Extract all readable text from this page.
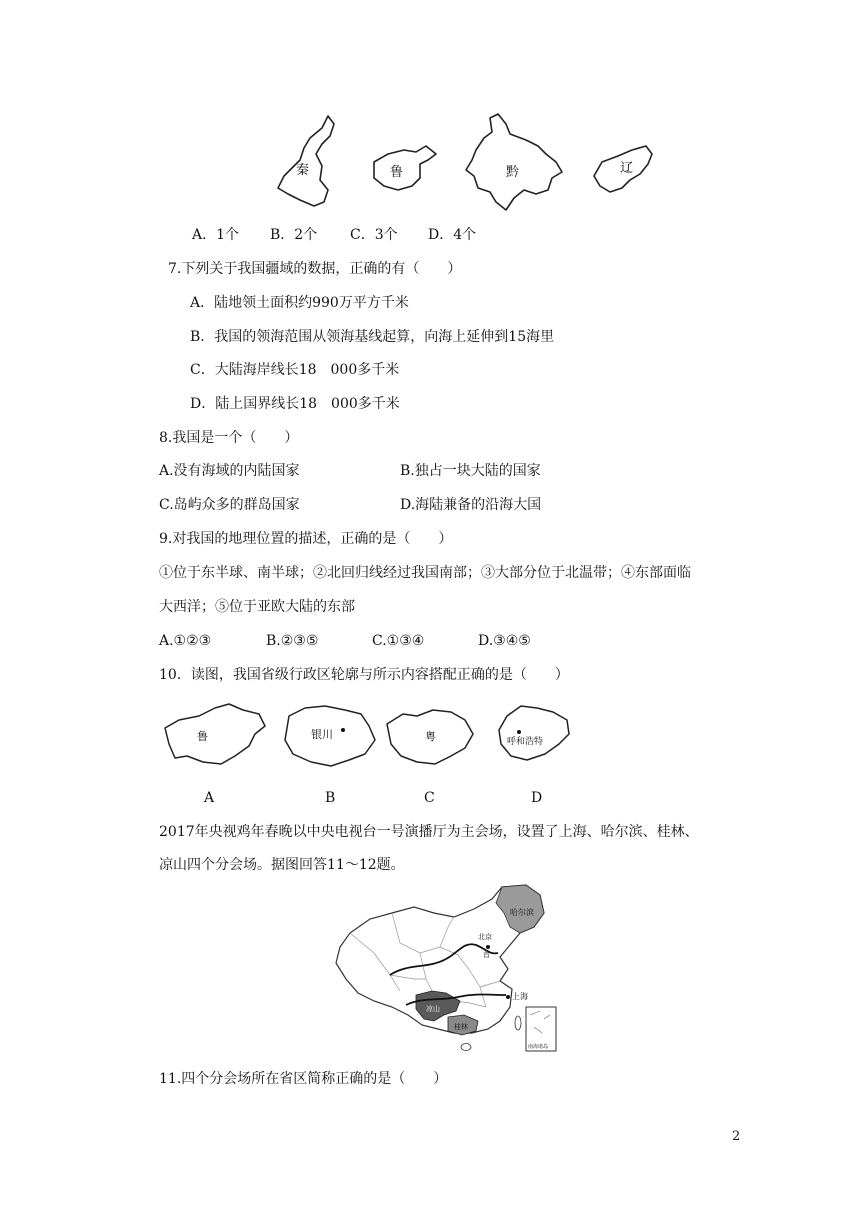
秦	鲁	黔	辽
A．1个 B．2个 C．3个 D．4个
7.下列关于我国疆域的数据，正确的有（　　）
A．陆地领土面积约990万平方千米
B．我国的领海范围从领海基线起算，向海上延伸到15海里
C．大陆海岸线长18　000多千米
D．陆上国界线长18　000多千米
8.我国是一个（　　）
A.没有海域的内陆国家	B.独占一块大陆的国家
C.岛屿众多的群岛国家	D.海陆兼备的沿海大国
9.对我国的地理位置的描述，正确的是（　　）
①位于东半球、南半球；②北回归线经过我国南部；③大部分位于北温带；④东部面临
大西洋；⑤位于亚欧大陆的东部
A.①②③	B.②③⑤	C.①③④	D.③④⑤
10．读图，我国省级行政区轮廓与所示内容搭配正确的是（　　）
鲁	银川	粤	呼和浩特
A	B	C	D
2017年央视鸡年春晚以中央电视台一号演播厅为主会场，设置了上海、哈尔滨、桂林、
凉山四个分会场。据图回答11～12题。
哈尔滨
北京
首
上海
凉山
桂林
南海诸岛
11.四个分会场所在省区简称正确的是（　　）
2
